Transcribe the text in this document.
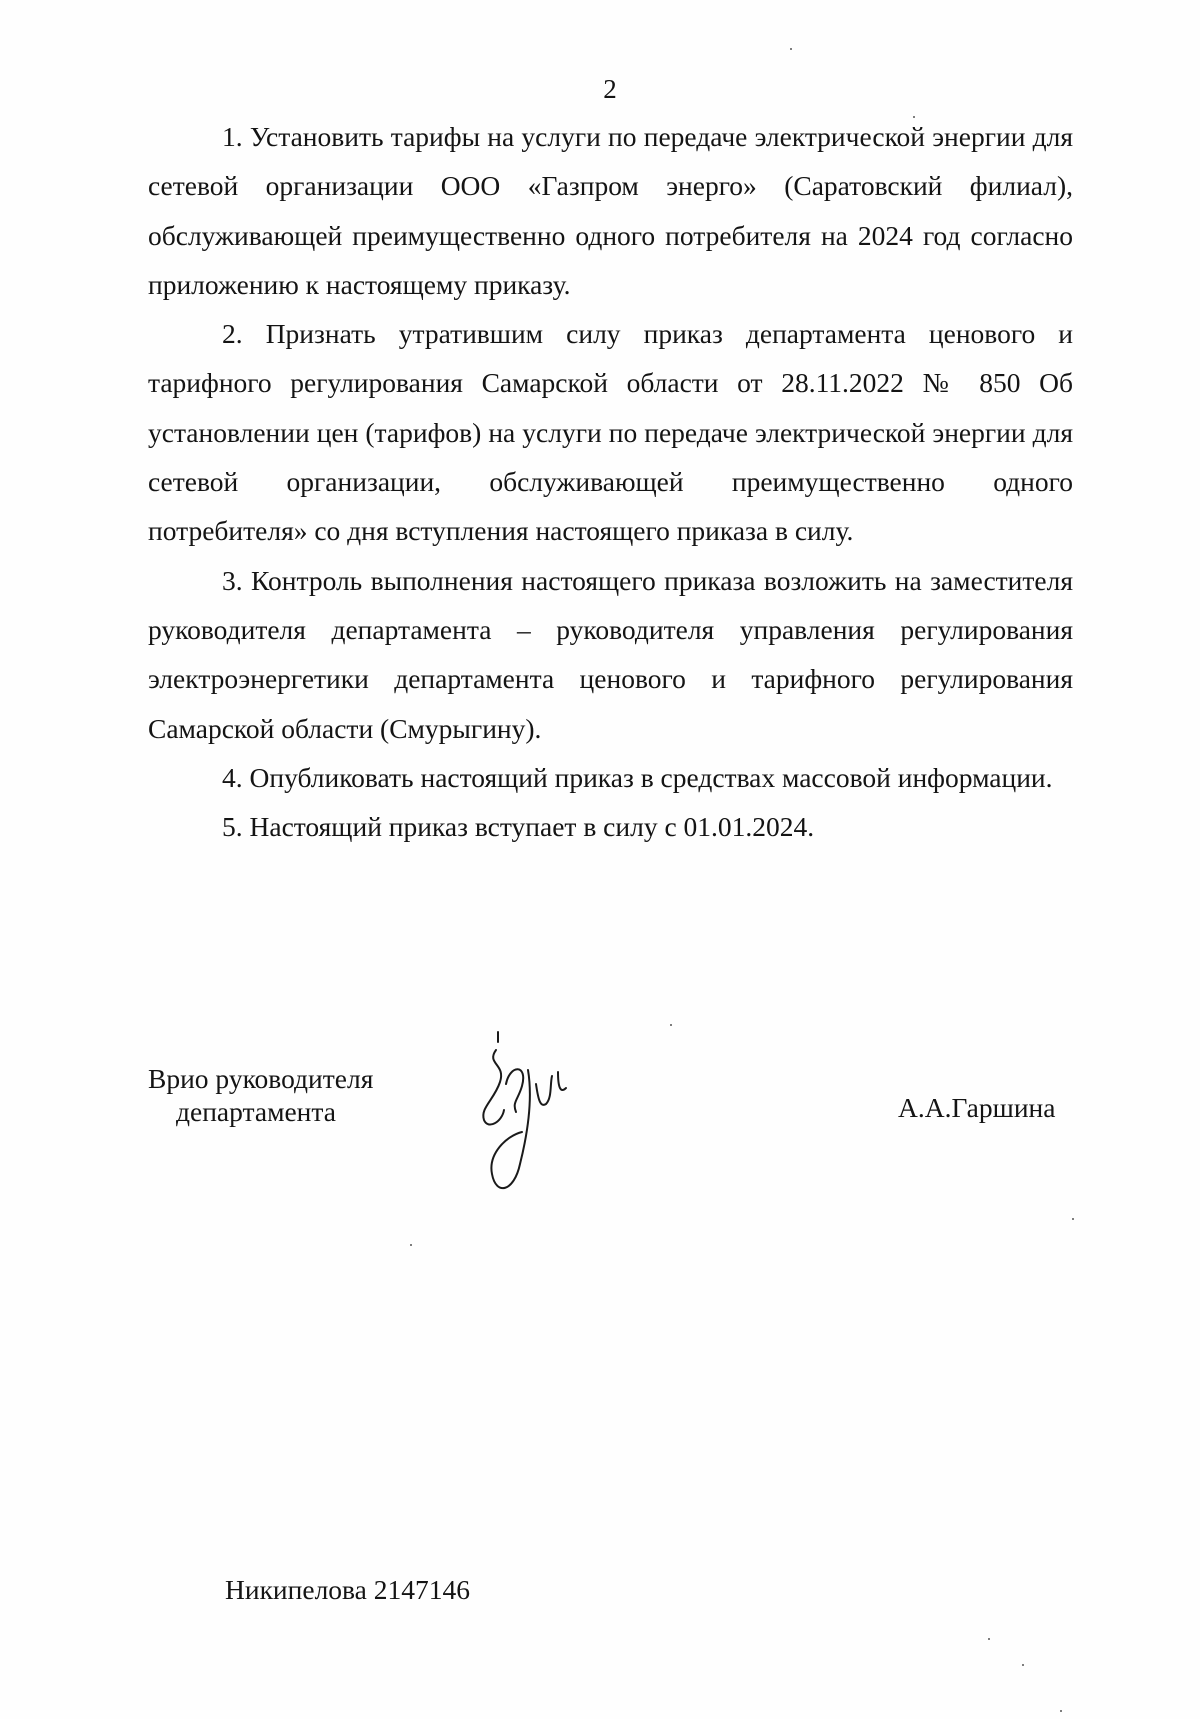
2

1. Установить тарифы на услуги по передаче электрической энергии для сетевой организации ООО «Газпром энерго» (Саратовский филиал), обслуживающей преимущественно одного потребителя на 2024 год согласно приложению к настоящему приказу.

2. Признать утратившим силу приказ департамента ценового и тарифного регулирования Самарской области от 28.11.2022 № 850 Об установлении цен (тарифов) на услуги по передаче электрической энергии для сетевой организации, обслуживающей преимущественно одного потребителя» со дня вступления настоящего приказа в силу.

3. Контроль выполнения настоящего приказа возложить на заместителя руководителя департамента – руководителя управления регулирования электроэнергетики департамента ценового и тарифного регулирования Самарской области (Смурыгину).

4. Опубликовать настоящий приказ в средствах массовой информации.

5. Настоящий приказ вступает в силу с 01.01.2024.

Врио руководителя
департамента	А.А.Гаршина
Никипелова 2147146
